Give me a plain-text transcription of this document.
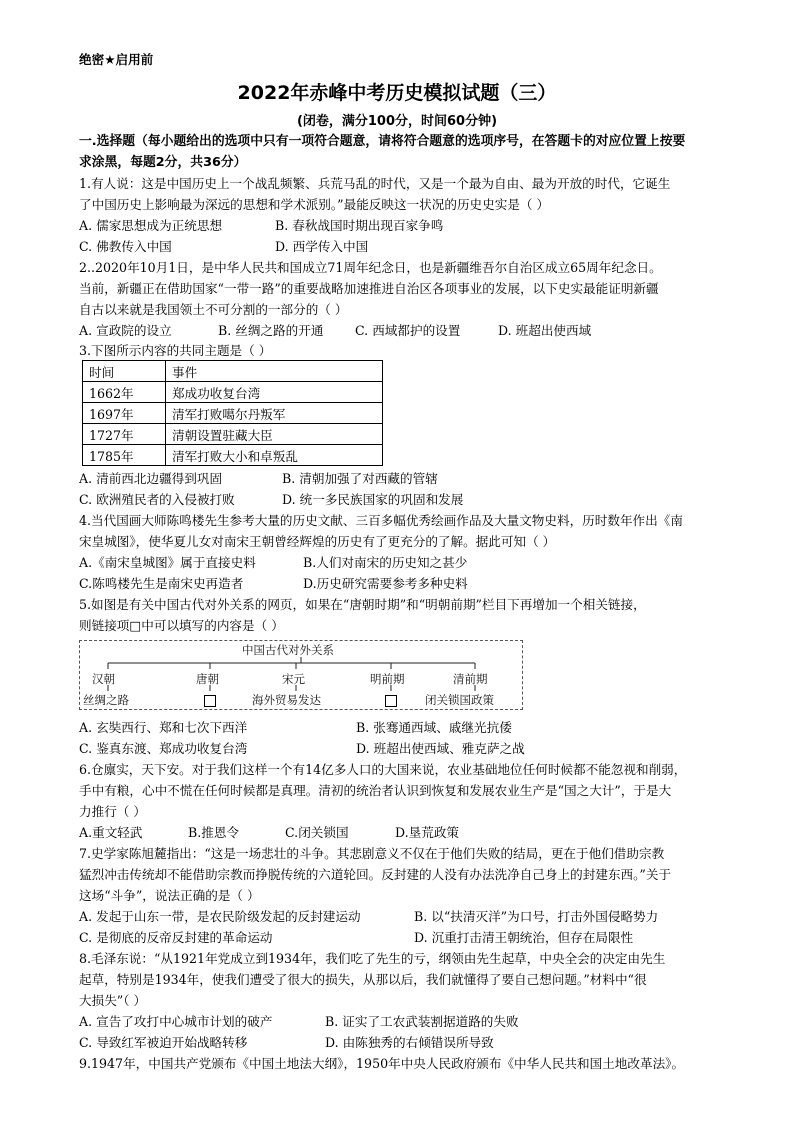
绝密★启用前
2022年赤峰中考历史模拟试题（三）
(闭卷，满分100分，时间60分钟)
一.选择题（每小题给出的选项中只有一项符合题意，请将符合题意的选项序号，在答题卡的对应位置上按要
求涂黑，每题2分，共36分）
1.有人说：这是中国历史上一个战乱频繁、兵荒马乱的时代，又是一个最为自由、最为开放的时代，它诞生
了中国历史上影响最为深远的思想和学术派别。”最能反映这一状况的历史史实是（ ）
A. 儒家思想成为正统思想	B. 春秋战国时期出现百家争鸣
C. 佛教传入中国	D. 西学传入中国
2..2020年10月1日，是中华人民共和国成立71周年纪念日，也是新疆维吾尔自治区成立65周年纪念日。
当前，新疆正在借助国家“一带一路”的重要战略加速推进自治区各项事业的发展，以下史实最能证明新疆
自古以来就是我国领土不可分割的一部分的（ ）
A. 宣政院的设立	B. 丝绸之路的开通	C. 西域都护的设置	D. 班超出使西域
3.下图所示内容的共同主题是（ ）
时间	事件
1662年	郑成功收复台湾
1697年	清军打败噶尔丹叛军
1727年	清朝设置驻藏大臣
1785年	清军打败大小和卓叛乱
A. 清前西北边疆得到巩固	B. 清朝加强了对西藏的管辖
C. 欧洲殖民者的入侵被打败	D. 统一多民族国家的巩固和发展
4.当代国画大师陈鸣楼先生参考大量的历史文献、三百多幅优秀绘画作品及大量文物史料，历时数年作出《南
宋皇城图》，使华夏儿女对南宋王朝曾经辉煌的历史有了更充分的了解。据此可知（ ）
A.《南宋皇城图》属于直接史料	B.人们对南宋的历史知之甚少
C.陈鸣楼先生是南宋史再造者	D.历史研究需要参考多种史料
5.如图是有关中国古代对外关系的网页，如果在“唐朝时期”和“明朝前期”栏目下再增加一个相关链接，
则链接项□中可以填写的内容是（ ）
中国古代对外关系
汉朝	唐朝	宋元	明前期	清前期
丝绸之路	海外贸易发达	闭关锁国政策
A. 玄奘西行、郑和七次下西洋	B. 张骞通西域、戚继光抗倭
C. 鉴真东渡、郑成功收复台湾	D. 班超出使西域、雅克萨之战
6.仓廪实，天下安。对于我们这样一个有14亿多人口的大国来说，农业基础地位任何时候都不能忽视和削弱，
手中有粮，心中不慌在任何时候都是真理。清初的统治者认识到恢复和发展农业生产是“国之大计”，于是大
力推行（ ）
A.重文轻武	B.推恩令	C.闭关锁国	D.垦荒政策
7.史学家陈旭麓指出：“这是一场悲壮的斗争。其悲剧意义不仅在于他们失败的结局，更在于他们借助宗教
猛烈冲击传统却不能借助宗教而挣脱传统的六道轮回。反封建的人没有办法洗净自己身上的封建东西。”关于
这场“斗争”，说法正确的是（ ）
A. 发起于山东一带，是农民阶级发起的反封建运动	B. 以“扶清灭洋”为口号，打击外国侵略势力
C. 是彻底的反帝反封建的革命运动	D. 沉重打击清王朝统治，但存在局限性
8.毛泽东说：“从1921年党成立到1934年，我们吃了先生的亏，纲领由先生起草，中央全会的决定由先生
起草，特别是1934年，使我们遭受了很大的损失，从那以后，我们就懂得了要自己想问题。”材料中“很
大损失”（ ）
A. 宣告了攻打中心城市计划的破产	B. 证实了工农武装割据道路的失败
C. 导致红军被迫开始战略转移	D. 由陈独秀的右倾错误所导致
9.1947年，中国共产党颁布《中国土地法大纲》，1950年中央人民政府颁布《中华人民共和国土地改革法》。
